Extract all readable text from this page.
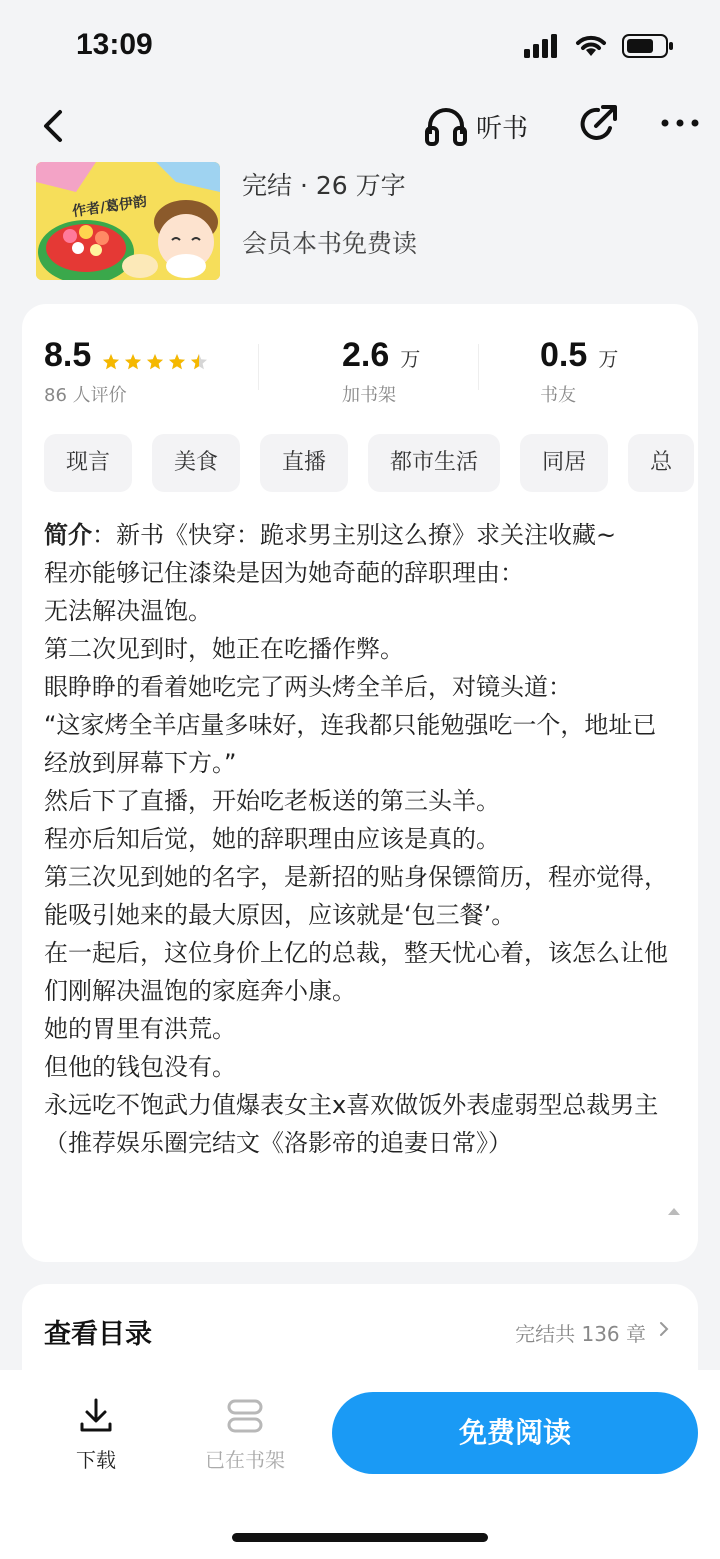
13:09
听书
作者/葛伊韵
完结 · 26 万字
会员本书免费读
8.5
86 人评价
2.6 万
加书架
0.5 万
书友
现言	美食	直播	都市生活	同居	总
简介：新书《快穿：跪求男主别这么撩》求关注收藏~
程亦能够记住漆染是因为她奇葩的辞职理由：
无法解决温饱。
第二次见到时，她正在吃播作弊。
眼睁睁的看着她吃完了两头烤全羊后，对镜头道：
“这家烤全羊店量多味好，连我都只能勉强吃一个，地址已经放到屏幕下方。”
然后下了直播，开始吃老板送的第三头羊。
程亦后知后觉，她的辞职理由应该是真的。
第三次见到她的名字，是新招的贴身保镖简历，程亦觉得，能吸引她来的最大原因，应该就是‘包三餐’。
在一起后，这位身价上亿的总裁，整天忧心着，该怎么让他们刚解决温饱的家庭奔小康。
她的胃里有洪荒。
但他的钱包没有。
永远吃不饱武力值爆表女主x喜欢做饭外表虚弱型总裁男主
（推荐娱乐圈完结文《洛影帝的追妻日常》）
查看目录	完结共 136 章
下载	已在书架
免费阅读
